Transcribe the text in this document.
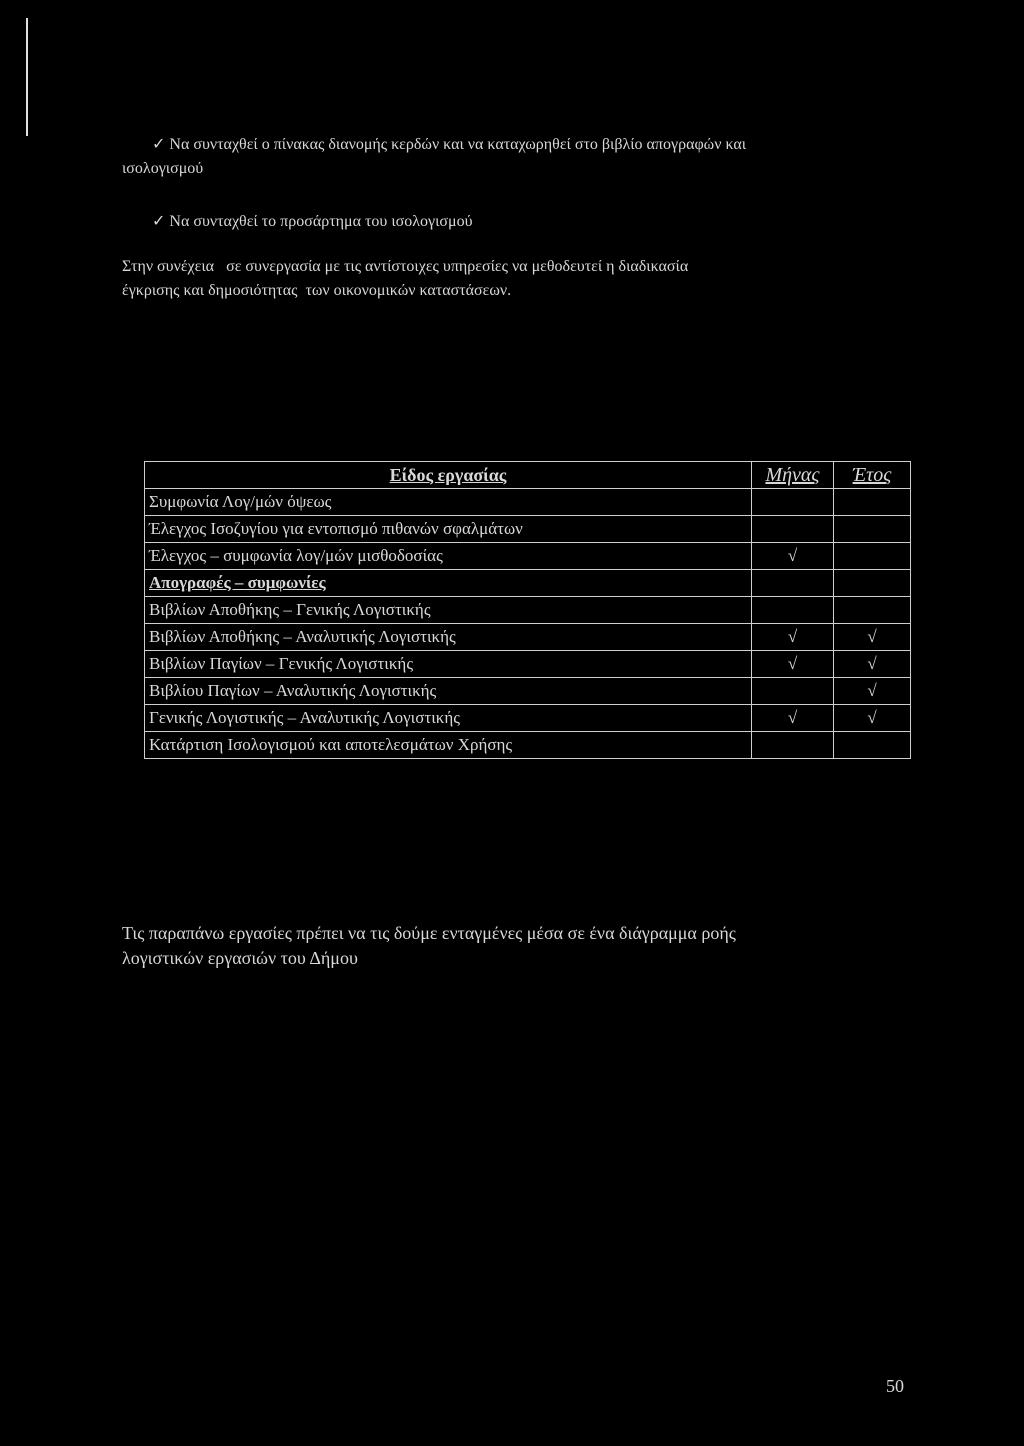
✓ Να συνταχθεί ο πίνακας διανομής κερδών και να καταχωρηθεί στο βιβλίο απογραφών και
ισολογισμού
✓ Να συνταχθεί το προσάρτημα του ισολογισμού
Στην συνέχεια   σε συνεργασία με τις αντίστοιχες υπηρεσίες να μεθοδευτεί η διαδικασία
έγκρισης και δημοσιότητας  των οικονομικών καταστάσεων.
Είδος εργασίας	Μήνας	Έτος
Συμφωνία Λογ/μών όψεως		
Έλεγχος Ισοζυγίου για εντοπισμό πιθανών σφαλμάτων		
Έλεγχος – συμφωνία λογ/μών μισθοδοσίας	√	
Απογραφές – συμφωνίες		
Βιβλίων Αποθήκης – Γενικής Λογιστικής		
Βιβλίων Αποθήκης – Αναλυτικής Λογιστικής	√	√
Βιβλίων Παγίων – Γενικής Λογιστικής	√	√
Βιβλίου Παγίων – Αναλυτικής Λογιστικής		√
Γενικής Λογιστικής – Αναλυτικής Λογιστικής	√	√
Κατάρτιση Ισολογισμού και αποτελεσμάτων Χρήσης		
Τις παραπάνω εργασίες πρέπει να τις δούμε ενταγμένες μέσα σε ένα διάγραμμα ροής
λογιστικών εργασιών του Δήμου
50
